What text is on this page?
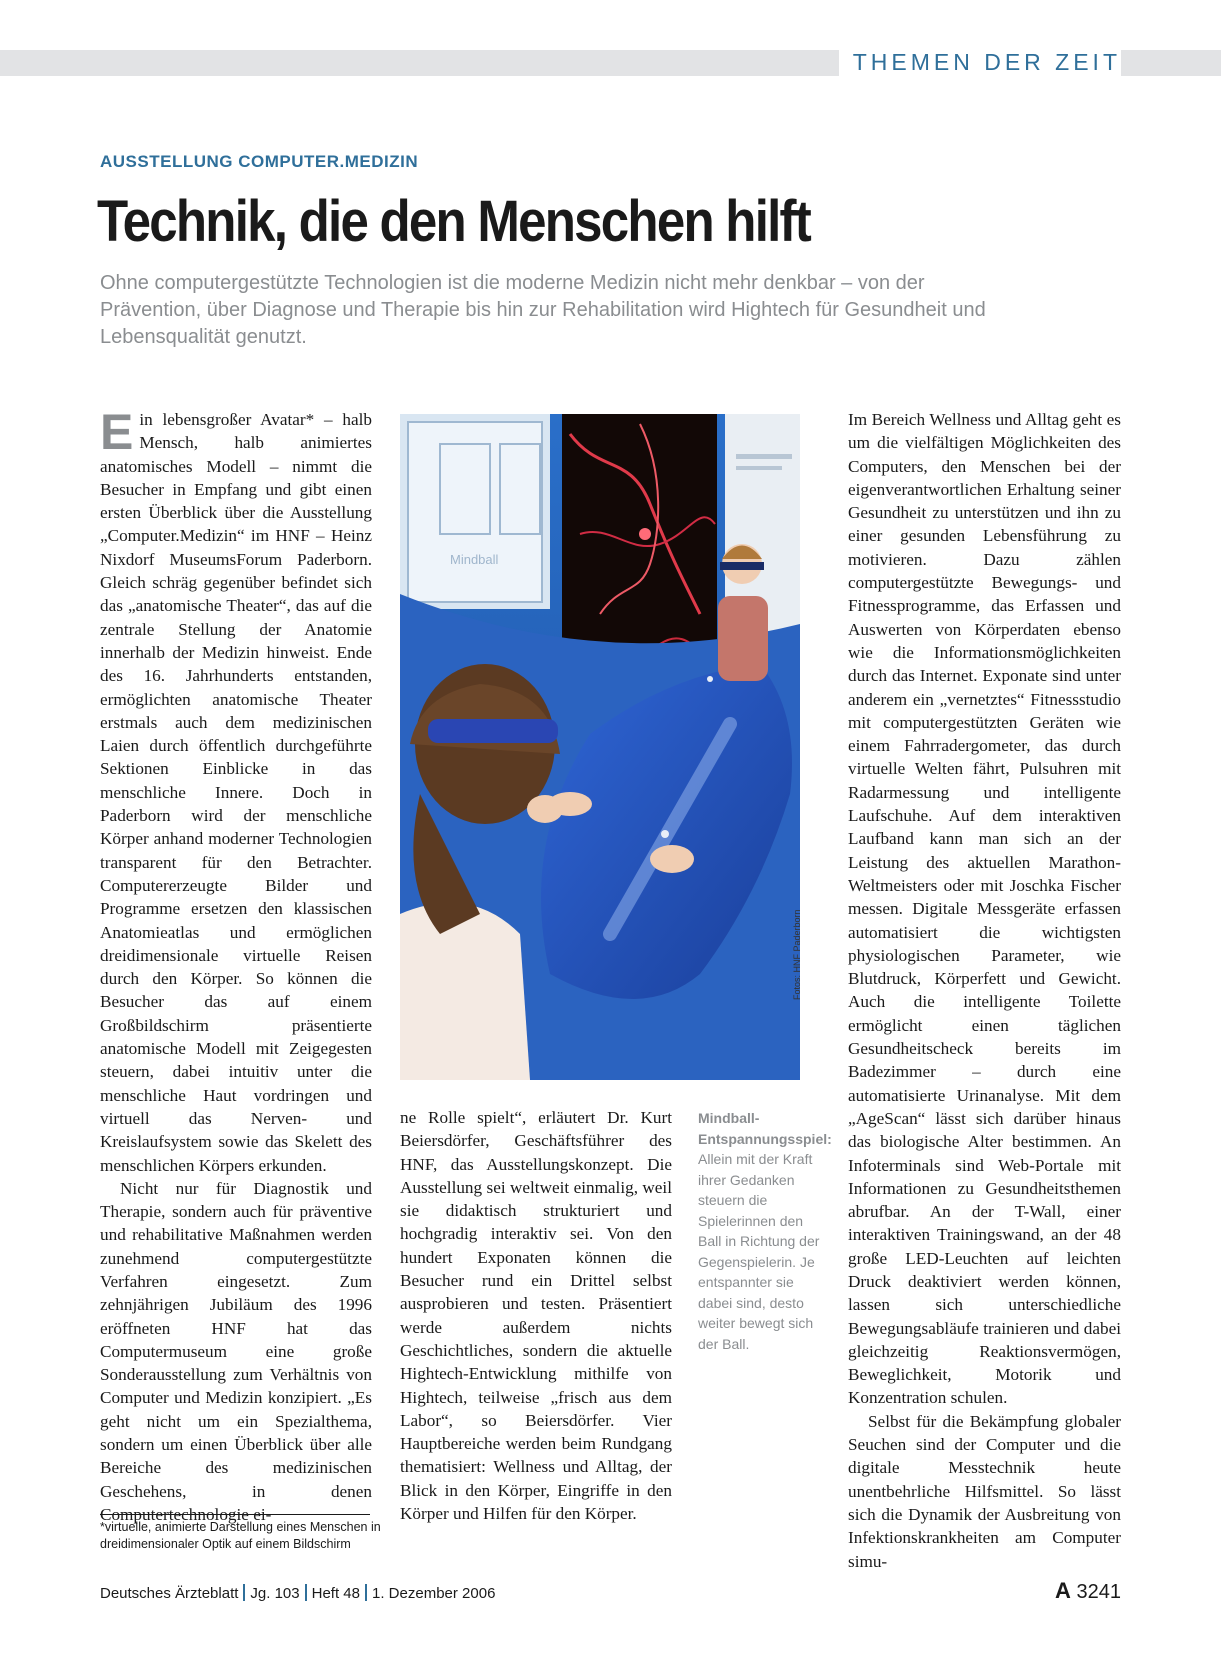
THEMEN DER ZEIT
AUSSTELLUNG COMPUTER.MEDIZIN
Technik, die den Menschen hilft
Ohne computergestützte Technologien ist die moderne Medizin nicht mehr denkbar – von der Prävention, über Diagnose und Therapie bis hin zur Rehabilitation wird Hightech für Gesundheit und Lebensqualität genutzt.

Ein lebensgroßer Avatar* – halb Mensch, halb animiertes anatomisches Modell – nimmt die Besucher in Empfang und gibt einen ersten Überblick über die Ausstellung „Computer.Medizin“ im HNF – Heinz Nixdorf MuseumsForum Paderborn. Gleich schräg gegenüber befindet sich das „anatomische Theater“, das auf die zentrale Stellung der Anatomie innerhalb der Medizin hinweist. Ende des 16. Jahrhunderts entstanden, ermöglichten anatomische Theater erstmals auch dem medizinischen Laien durch öffentlich durchgeführte Sektionen Einblicke in das menschliche Innere. Doch in Paderborn wird der menschliche Körper anhand moderner Technologien transparent für den Betrachter. Computererzeugte Bilder und Programme ersetzen den klassischen Anatomieatlas und ermöglichen dreidimensionale virtuelle Reisen durch den Körper. So können die Besucher das auf einem Großbildschirm präsentierte anatomische Modell mit Zeigegesten steuern, dabei intuitiv unter die menschliche Haut vordringen und virtuell das Nerven- und Kreislaufsystem sowie das Skelett des menschlichen Körpers erkunden.

Nicht nur für Diagnostik und Therapie, sondern auch für präventive und rehabilitative Maßnahmen werden zunehmend computergestützte Verfahren eingesetzt. Zum zehnjährigen Jubiläum des 1996 eröffneten HNF hat das Computermuseum eine große Sonderausstellung zum Verhältnis von Computer und Medizin konzipiert. „Es geht nicht um ein Spezialthema, sondern um einen Überblick über alle Bereiche des medizinischen Geschehens, in denen Computertechnologie ei-

*virtuelle, animierte Darstellung eines Menschen in dreidimensionaler Optik auf einem Bildschirm
Mindball
Fotos: HNF Paderborn

ne Rolle spielt“, erläutert Dr. Kurt Beiersdörfer, Geschäftsführer des HNF, das Ausstellungskonzept. Die Ausstellung sei weltweit einmalig, weil sie didaktisch strukturiert und hochgradig interaktiv sei. Von den hundert Exponaten können die Besucher rund ein Drittel selbst ausprobieren und testen. Präsentiert werde außerdem nichts Geschichtliches, sondern die aktuelle Hightech-Entwicklung mithilfe von Hightech, teilweise „frisch aus dem Labor“, so Beiersdörfer. Vier Hauptbereiche werden beim Rundgang thematisiert: Wellness und Alltag, der Blick in den Körper, Eingriffe in den Körper und Hilfen für den Körper.

Mindball-Entspannungsspiel:
Allein mit der Kraft ihrer Gedanken steuern die Spielerinnen den Ball in Richtung der Gegenspielerin. Je entspannter sie dabei sind, desto weiter bewegt sich der Ball.

Im Bereich Wellness und Alltag geht es um die vielfältigen Möglichkeiten des Computers, den Menschen bei der eigenverantwortlichen Erhaltung seiner Gesundheit zu unterstützen und ihn zu einer gesunden Lebensführung zu motivieren. Dazu zählen computergestützte Bewegungs- und Fitnessprogramme, das Erfassen und Auswerten von Körperdaten ebenso wie die Informationsmöglichkeiten durch das Internet. Exponate sind unter anderem ein „vernetztes“ Fitnessstudio mit computergestützten Geräten wie einem Fahrradergometer, das durch virtuelle Welten fährt, Pulsuhren mit Radarmessung und intelligente Laufschuhe. Auf dem interaktiven Laufband kann man sich an der Leistung des aktuellen Marathon-Weltmeisters oder mit Joschka Fischer messen. Digitale Messgeräte erfassen automatisiert die wichtigsten physiologischen Parameter, wie Blutdruck, Körperfett und Gewicht. Auch die intelligente Toilette ermöglicht einen täglichen Gesundheitscheck bereits im Badezimmer – durch eine automatisierte Urinanalyse. Mit dem „AgeScan“ lässt sich darüber hinaus das biologische Alter bestimmen. An Infoterminals sind Web-Portale mit Informationen zu Gesundheitsthemen abrufbar. An der T-Wall, einer interaktiven Trainingswand, an der 48 große LED-Leuchten auf leichten Druck deaktiviert werden können, lassen sich unterschiedliche Bewegungsabläufe trainieren und dabei gleichzeitig Reaktionsvermögen, Beweglichkeit, Motorik und Konzentration schulen.

Selbst für die Bekämpfung globaler Seuchen sind der Computer und die digitale Messtechnik heute unentbehrliche Hilfsmittel. So lässt sich die Dynamik der Ausbreitung von Infektionskrankheiten am Computer simu-

Deutsches Ärzteblatt Jg. 103 Heft 48 1. Dezember 2006	A 3241
